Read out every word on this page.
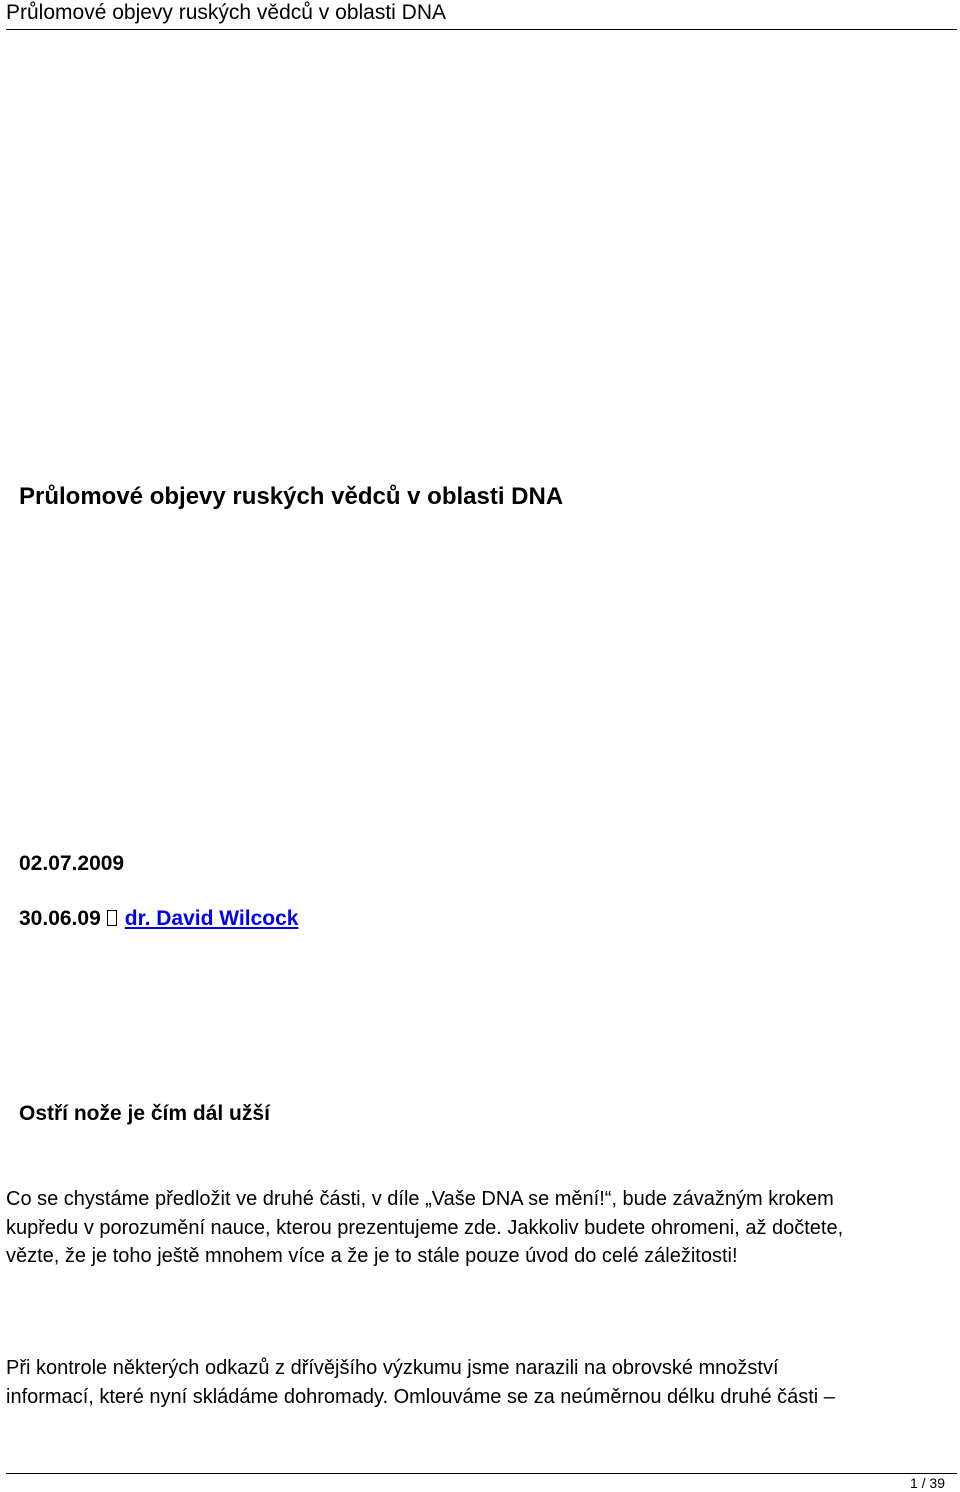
Průlomové objevy ruských vědců v oblasti DNA
Průlomové objevy ruských vědců v oblasti DNA
02.07.2009
30.06.09 dr. David Wilcock
Ostří nože je čím dál užší
Co se chystáme předložit ve druhé části, v díle „Vaše DNA se mění!“, bude závažným krokem
kupředu v porozumění nauce, kterou prezentujeme zde. Jakkoliv budete ohromeni, až dočtete,
vězte, že je toho ještě mnohem více a že je to stále pouze úvod do celé záležitosti!
Při kontrole některých odkazů z dřívějšího výzkumu jsme narazili na obrovské množství
informací, které nyní skládáme dohromady. Omlouváme se za neúměrnou délku druhé části –
1 / 39
